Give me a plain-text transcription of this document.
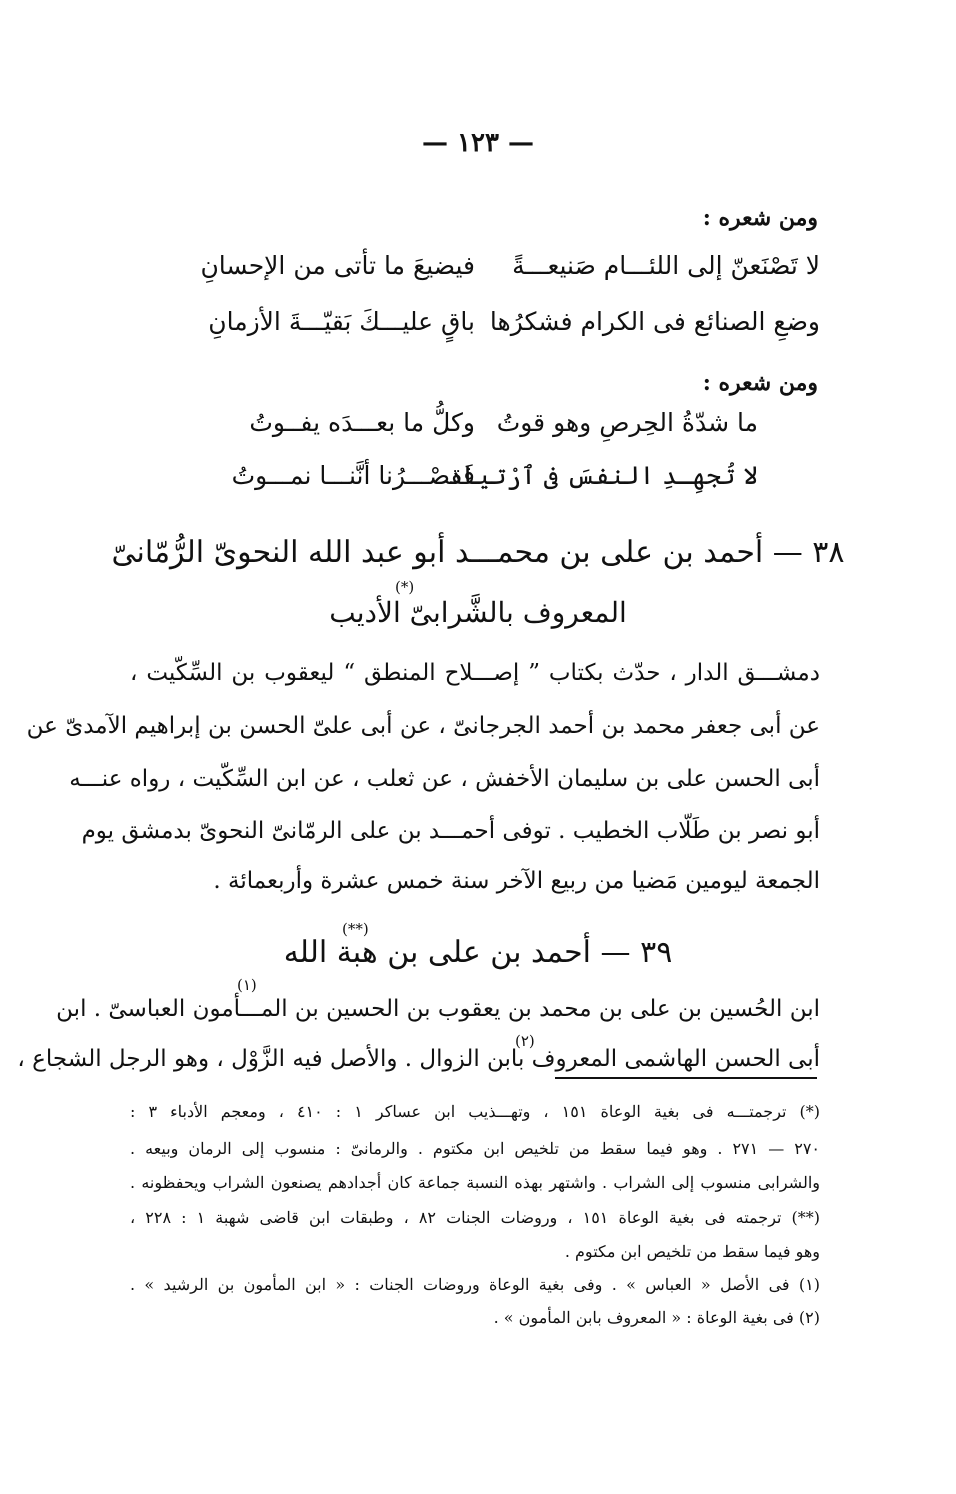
— ١٢٣ —
ومن شعره :
لا تَصْنَعنّ إلى اللئـــام صَنيعـــةً
فيضيعَ ما تأتى من الإحسانِ
وضعِ الصنائع فى الكرام فشكرُها
باقٍ عليـــكَ بَقيّـــةَ الأزمانِ
ومن شعره :
ما شدّةُ الحِرصِ وهو قوتُ
وكلُّ ما بعـــدَه يفــوتُ
لا تُجهِـدِ النفسَ فى ٱرْتياد
فَقصْـــرُنا أنَّنـــا نمـــوتُ
٣٨ — أحمد بن على بن محمـــد أبو عبد الله النحوىّ الرُّمّانىّ
(*)
المعروف بالشَّرابىّ الأديب
دمشـــق الدار ، حدّث بكتاب ” إصـــلاح المنطق “ ليعقوب بن السِّكّيت ،
عن أبى جعفر محمد بن أحمد الجرجانىّ ، عن أبى علىّ الحسن بن إبراهيم الآمدىّ عن
أبى الحسن على بن سليمان الأخفش ، عن ثعلب ، عن ابن السِّكّيت ، رواه عنـــه
أبو نصر بن طَلّاب الخطيب . توفى أحمـــد بن على الرمّانىّ النحوىّ بدمشق يوم
الجمعة ليومين مَضيا من ربيع الآخر سنة خمس عشرة وأربعمائة .
(**)
٣٩ — أحمد بن على بن هبة الله
(١)
ابن الحُسين بن على بن محمد بن يعقوب بن الحسين بن المـــأمون العباسىّ . ابن
(٢)
أبى الحسن الهاشمى المعروف بابن الزوال . والأصل فيه الزَّوْل ، وهو الرجل الشجاع ،
(*) ترجمتـــه فى بغية الوعاة ١٥١ ، وتهـــذيب ابن عساكر ١ : ٤١٠ ، ومعجم الأدباء ٣ :
٢٧٠ — ٢٧١ . وهو فيما سقط من تلخيص ابن مكتوم . والرمانىّ : منسوب إلى الرمان وبيعه .
والشرابى منسوب إلى الشراب . واشتهر بهذه النسبة جماعة كان أجدادهم يصنعون الشراب ويحفظونه .
(**) ترجمته فى بغية الوعاة ١٥١ ، وروضات الجنات ٨٢ ، وطبقات ابن قاضى شهبة ١ : ٢٢٨ ،
وهو فيما سقط من تلخيص ابن مكتوم .
(١) فى الأصل « العباس » . وفى بغية الوعاة وروضات الجنات : « ابن المأمون بن الرشيد » .
(٢) فى بغية الوعاة : « المعروف بابن المأمون » .
